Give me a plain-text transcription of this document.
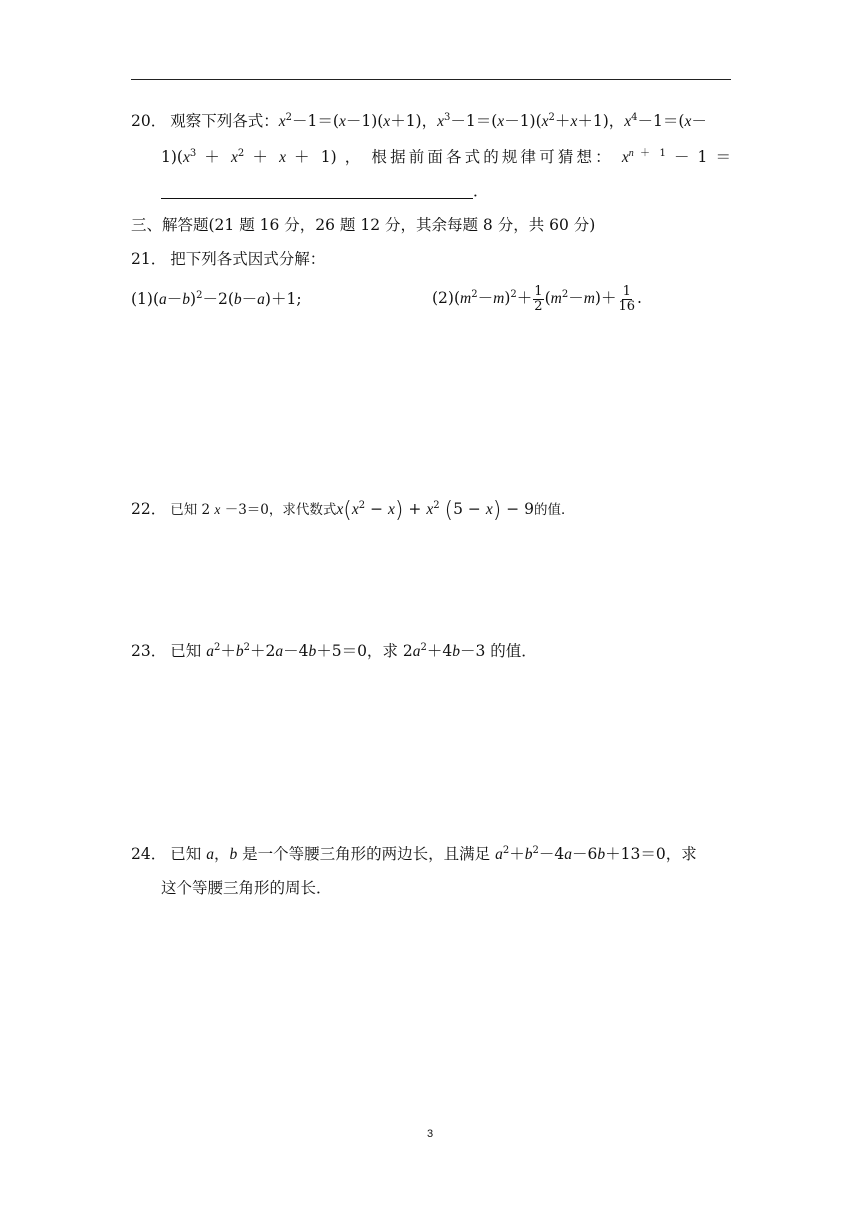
20． 观察下列各式：$x^2-1=(x-1)(x+1)$，$x^3-1=(x-1)(x^2+x+1)$，$x^4-1=(x-$
$1)(x^3 + x^2 + x + 1)$ ， 根据前面各式的规律可猜想： $x^{n + 1} - 1$ ＝
．
三、解答题(21 题 16 分，26 题 12 分，其余每题 8 分，共 60 分)
21． 把下列各式因式分解：
$(1)(a-b)^2-2(b-a)+1$;	$(2)(m^2-m)^2+ \frac{1}{2} (m^2-m)+ \frac{1}{16}$ .
22． 已知 2 x －3＝0，求代数式$x(x^2 - x) + x^2$ (5 − x) − 9的值．
23． 已知 $a^2+b^2+2a-4b+5=0$，求 $2a^2+4b-3$ 的值．
24． 已知 a，b 是一个等腰三角形的两边长，且满足 $a^2+b^2-4a-6b+13=0$，求
这个等腰三角形的周长．
3
